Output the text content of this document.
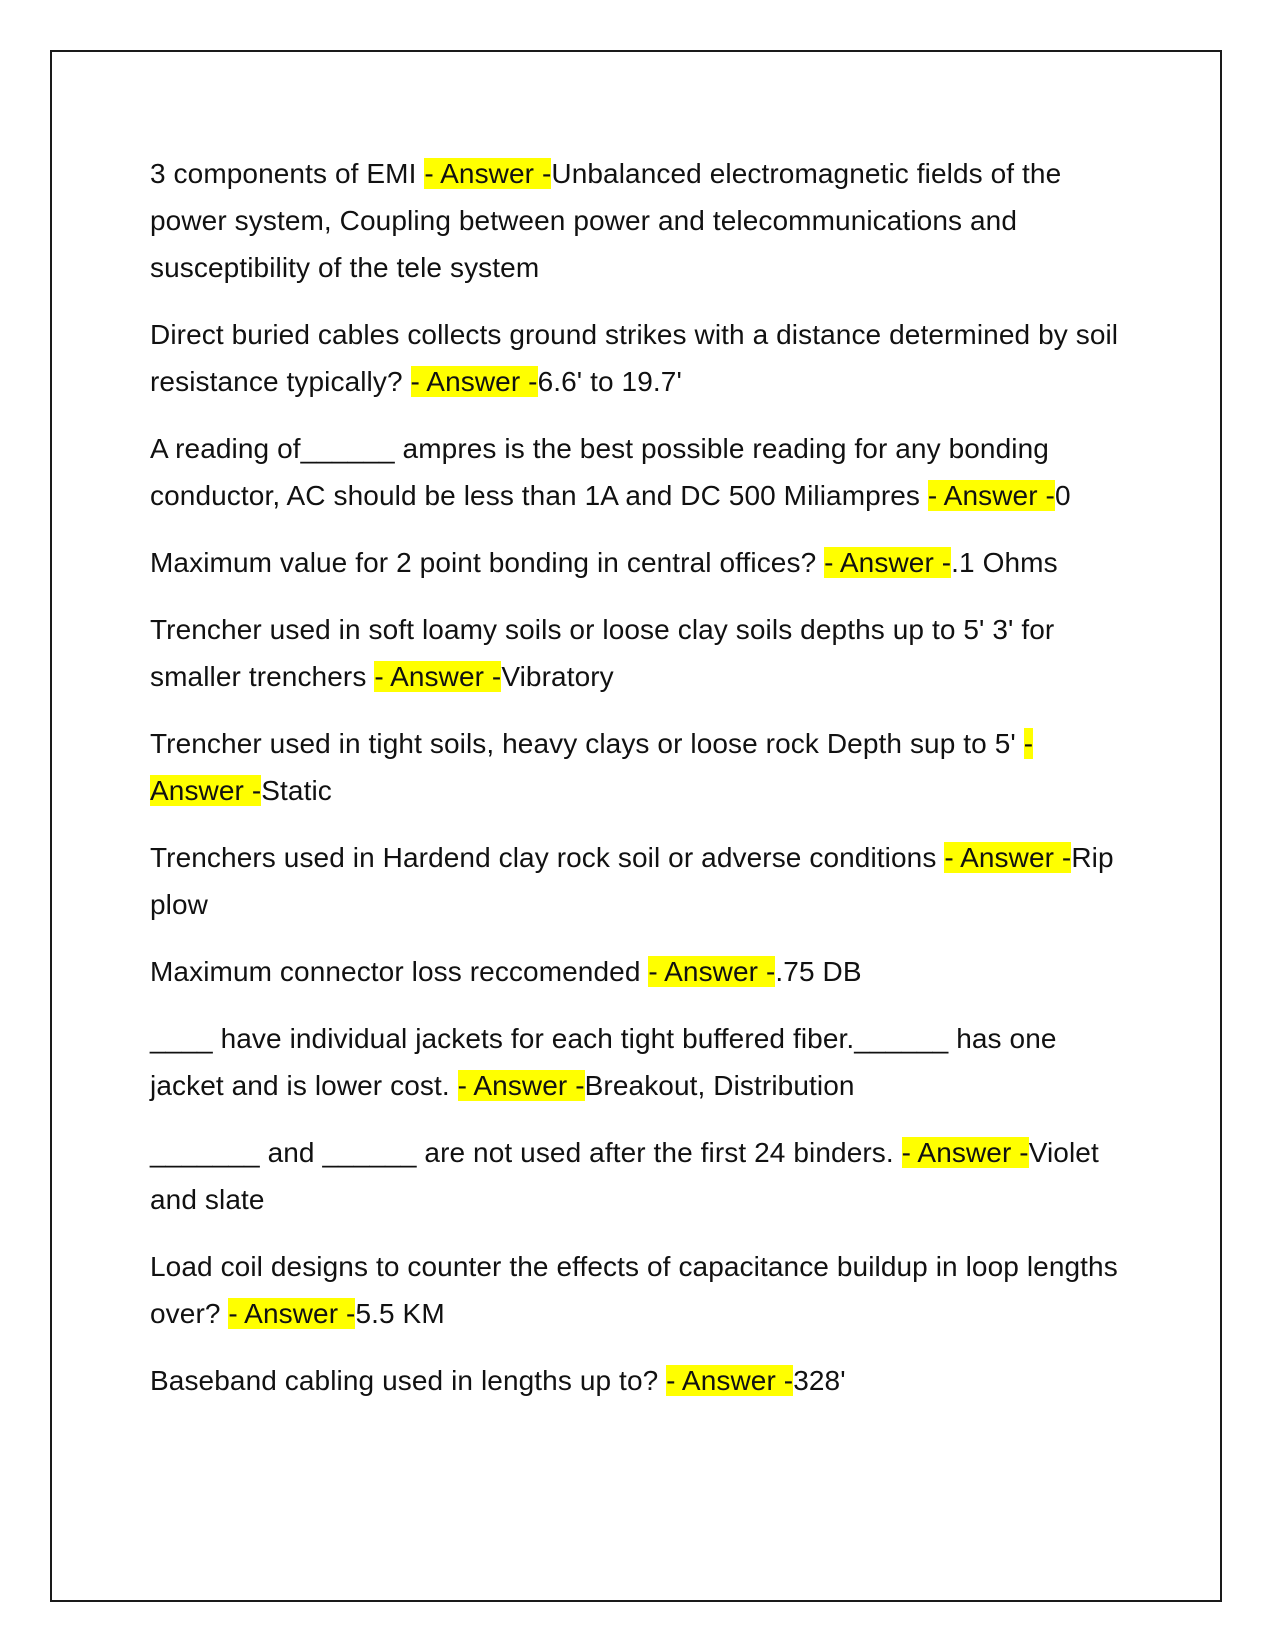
3 components of EMI - Answer -Unbalanced electromagnetic fields of the power system, Coupling between power and telecommunications and susceptibility of the tele system

Direct buried cables collects ground strikes with a distance determined by soil resistance typically? - Answer -6.6' to 19.7'

A reading of______ ampres is the best possible reading for any bonding conductor, AC should be less than 1A and DC 500 Miliampres - Answer -0

Maximum value for 2 point bonding in central offices? - Answer -.1 Ohms

Trencher used in soft loamy soils or loose clay soils depths up to 5' 3' for smaller trenchers - Answer -Vibratory

Trencher used in tight soils, heavy clays or loose rock Depth sup to 5' - Answer -Static

Trenchers used in Hardend clay rock soil or adverse conditions - Answer -Rip plow

Maximum connector loss reccomended - Answer -.75 DB

____ have individual jackets for each tight buffered fiber.______ has one jacket and is lower cost. - Answer -Breakout, Distribution

_______ and ______ are not used after the first 24 binders. - Answer -Violet and slate

Load coil designs to counter the effects of capacitance buildup in loop lengths over? - Answer -5.5 KM

Baseband cabling used in lengths up to? - Answer -328'
